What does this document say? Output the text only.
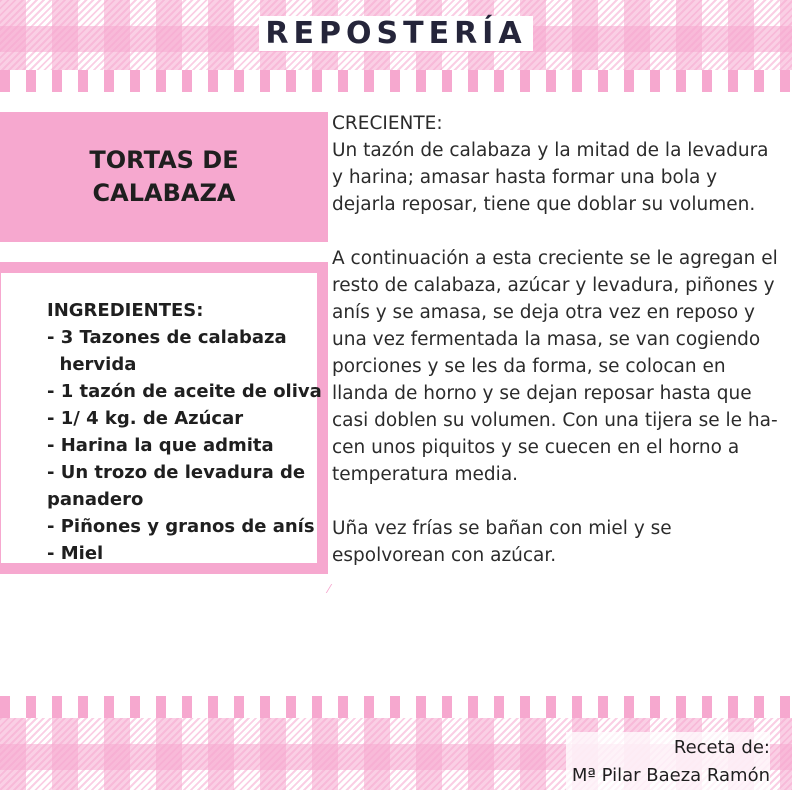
REPOSTERÍA
TORTAS DE CALABAZA
INGREDIENTES:
- 3 Tazones de calabaza
hervida
- 1 tazón de aceite de oliva
- 1/ 4 kg. de Azúcar
- Harina la que admita
- Un trozo de levadura de panadero
- Piñones y granos de anís
- Miel

CRECIENTE:
Un tazón de calabaza y la mitad de la levadura y harina; amasar hasta formar una bola y dejarla reposar, tiene que doblar su volumen.

A continuación a esta creciente se le agregan el resto de calabaza, azúcar y levadura, piñones y anís y se amasa, se deja otra vez en reposo y una vez fermentada la masa, se van cogiendo porciones y se les da forma, se colocan en llanda de horno y se dejan reposar hasta que casi doblen su volumen. Con una tijera se le ha- cen unos piquitos y se cuecen en el horno a temperatura media.

Uña vez frías se bañan con miel y se espolvorean con azúcar.

⁄
Receta de:
Mª Pilar Baeza Ramón
